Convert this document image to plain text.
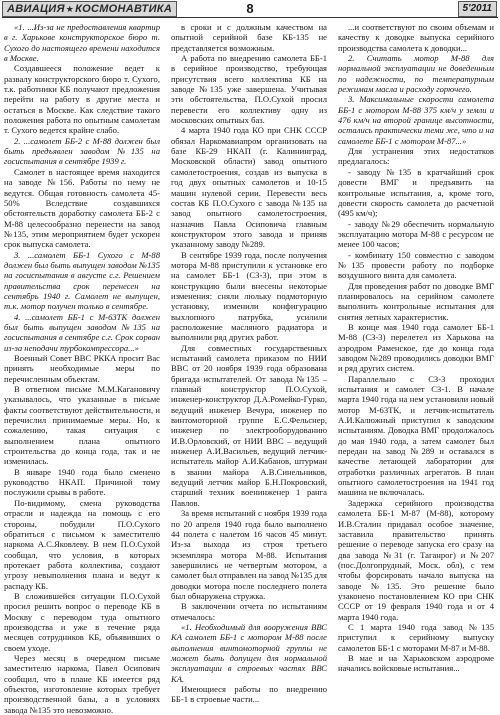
АВИАЦИЯ★КОСМОНАВТИКА	8	5'2011

«1. ...Из-за не предоставления квартир в г. Харькове конструкторское бюро т. Сухого до настоящего времени находится в Москве.

Создавшееся положение ведет к развалу конструкторского бюро т. Сухого, т.к. работники КБ получают предложения перейти на работу в другие места и остаться в Москве. Как следствие такого положения работа по опытным самолетам т. Сухого ведется крайне слабо.

2. ...самолет ББ-2 с М-88 должен был быть предъявлен заводом №135 на госиспытания в сентябре 1939 г.

Самолет в настоящее время находится на заводе №156. Работы по нему не ведутся. Общая готовность самолета 45-50% Вследствие создавшихся обстоятельств доработку самолета ББ-2 с М-88 целесообразно перенести на завод №135, этим мероприятием будет ускорен срок выпуска самолета.

3. ...самолет ББ-1 Сухого с М-88 должен был быть выпущен заводом №135 на госиспытания в августе с.г. Решением правительства срок перенесен на сентябрь 1940 г. Самолет не выпущен, т.к. мотор получен только в сентябре.

4. ...самолет ББ-1 с М-63ТК должен был быть выпущен заводом №135 на госиспытания в сентябре с.г. Срок сорван из-за неподачи турбокомпрессора...»

Военный Совет ВВС РККА просит Вас принять необходимые меры по перечисленным объектам.

В ответном письме М.М.Кагановичу указывалось, что указанные в письме факты соответствуют действительности, и перечислил принимаемые меры. Но, к сожалению, такая ситуация с выполнением плана опытного строительства до конца года, так и не изменилась.

В январе 1940 года было сменено руководство НКАП. Причиной тому послужили срывы в работе.

По-видимому, смена руководства отрасли и надежда на помощь с его стороны, побудили П.О.Сухого обратиться с письмом к заместителю наркома А.С.Яковлеву. В нем П.О.Сухой сообщал, что условия, в которых протекает работа коллектива, создают угрозу невыполнения плана и ведут к распаду КБ.

В сложившейся ситуации П.О.Сухой просил решить вопрос о переводе КБ в Москву с переводом туда опытного производства и уже в течение ряда месяцев сотрудников КБ, объявивших о своем уходе.

Через месяц в очередном письме заместителю наркома, Павел Осипович сообщил, что в плане КБ имеется ряд объектов, изготовление которых требует производственной базы, а в условиях завода №135 это невозможно.

в сроки и с должным качеством на опытной серийной базе КБ-135 не представляется возможным.

А работа по внедрению самолета ББ-1 в серийное производство, требующая присутствия всего коллектива КБ на заводе №135 уже завершена. Учитывая эти обстоятельства, П.О.Сухой просил перевести его коллективу одну из московских опытных баз.

4 марта 1940 года КО при СНК СССР обязал Наркомавиапром организовать на базе КБ-29 НКАП (г. Калининград, Московской области) завод опытного самолетостроения, создав из выпуска в год двух опытных самолетов и 10-15 машин нулевой серии. Перевести весь состав КБ П.О.Сухого с завода №135 на завод опытного самолетостроения, назначив Павла Осиповича главным конструктором этого завода и приняв указанному заводу №289.

В сентябре 1939 года, после получения мотора М-88 приступили к установке его на самолет ББ-1 (СЗ-3), при этом в конструкцию были внесены некоторые изменения: сняли люльку подмоторную установку, изменили конфигурацию выхлопного патрубка, усилили расположение масляного радиатора и выполнили ряд других работ.

Для совместных государственных испытаний самолета приказом по НИИ ВВС от 20 ноября 1939 года образована бригада испытателей. От завода №135 – главный конструктор П.О.Сухой, инженер-конструктор Д.А.Ромейко-Гурко, ведущий инженер Вечура, инженер по винтомоторной группе Е.С.Фельснер, инженер по электрооборудованию И.В.Орловский, от НИИ ВВС – ведущий инженер А.И.Васильев, ведущий летчик-испытатель майор А.И.Кабанов, штурман в звании майора А.В.Синельников, ведущий летчик майор Б.Н.Покровский, старший техник военинженер 1 ранга Павлов.

За время испытаний с ноября 1939 года по 20 апреля 1940 года было выполнено 44 полета с налетом 16 часов 45 минут. Из-за выхода из строя третьего экземпляра мотора М-88. Испытания завершились не четвертым мотором, а самолет был отправлен на завод №135 для доводки мотора после последнего полета был обнаружена стружка.

В заключении отчета по испытаниям отмечалось:

«1. Необходимый для вооружения ВВС КА самолет ББ-1 с мотором М-88 после выполнения винтомоторной группы не может быть допущен для нормальной эксплуатации в строевых частях ВВС КА.

Имеющиеся работы по внедрению ББ-1 в строевые части...

...и соответствуют по своим объемам и качеству к доводке выпуска серийного производства самолета к доводки...

2. Считать мотор М-88 для нормальной эксплуатации не доведенным по надежности, по температурным режимам масла и расходу горючего.

3. Максимальные скорости самолета ББ-1 с мотором М-88 375 км/ч у земли и 476 км/ч на второй границе высотности, остались практически теми же, что и на самолете ББ-1 с мотором М-87...»

Для устранения этих недостатков предлагалось:

- заводу №135 в кратчайший срок довести ВМГ и предъявить на контрольные испытания, а, кроме того, довести скорость самолета до расчетной (495 км/ч);

- заводу №29 обеспечить нормальную эксплуатацию мотора М-88 с ресурсом не менее 100 часов;

- комбинату 150 совместно с заводом №135 провести работу по подборке воздушного винта для самолета.

Для проведения работ по доводке ВМГ планировалось на серийном самолете выполнить контрольные испытания для снятия летных характеристик.

В конце мая 1940 года самолет ББ-1 М-88 (СЗ-3) перелетел из Харькова на аэродром Раменское, где до конца года заводом №289 проводились доводки ВМГ и ряд других систем.

Параллельно с СЗ-3 проходил испытания и самолет СЗ-1. В начале марта 1940 года на нем установили новый мотор М-63ТК, и летчик-испытатель А.И.Калюжный приступил к заводским испытаниям. Доводка ВМГ продолжалось до мая 1940 года, а затем самолет был передан на завод №289 и оставался в качестве летающей лаборатории для отработки различных агрегатов. В план опытного самолетостроения на 1941 год машина не включалась.

Задержка серийного производства самолета ББ-1 М-87 (М-88), которому И.В.Сталин придавал особое значение, заставила правительство принять решение о переводе запуска его сразу на два завода №31 (г. Таганрог) и №207 (пос.Долгопрудный, Моск. обл), с тем чтобы форсировать начало выпуска на заводе №135. Это решение было узаконено постановлением КО при СНК СССР от 19 февраля 1940 года и от 4 марта 1940 года.

С 1 марта 1940 года завод №135 приступил к серийному выпуску самолетов ББ-1 с моторами М-87 и М-88.

В мае и на Харьковском аэродроме начались войсковые испытания...
